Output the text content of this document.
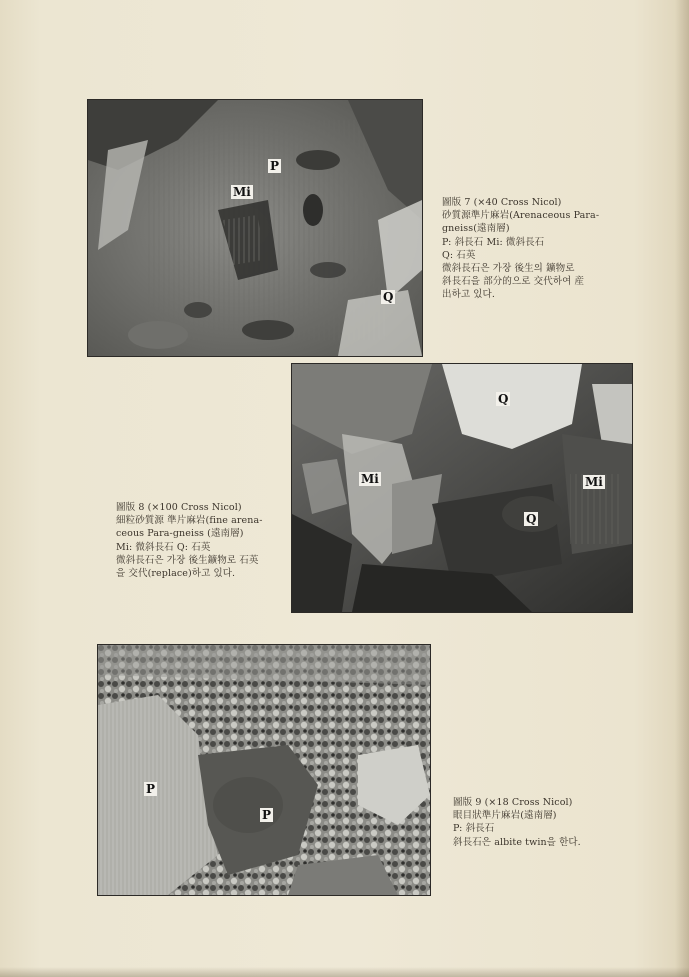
P
Mi
Q
圖版 7 (×40 Cross Nicol)
砂質源準片麻岩(Arenaceous Para-
gneiss(遠南層)
P: 斜長石 Mi: 微斜長石
Q: 石英
微斜長石은 가장 後生의 鑛物로
斜長石을 部分的으로 交代하여 産
出하고 있다.
Q
Mi	Mi
Q
圖版 8 (×100 Cross Nicol)
細粒砂質源 準片麻岩(fine arena-
ceous Para-gneiss (遠南層)
Mi: 微斜長石 Q: 石英
微斜長石은 가장 後生鑛物로 石英
을 交代(replace)하고 있다.
P
P
圖版 9 (×18 Cross Nicol)
眼目狀準片麻岩(遠南層)
P: 斜長石
斜長石은 albite twin을 한다.
